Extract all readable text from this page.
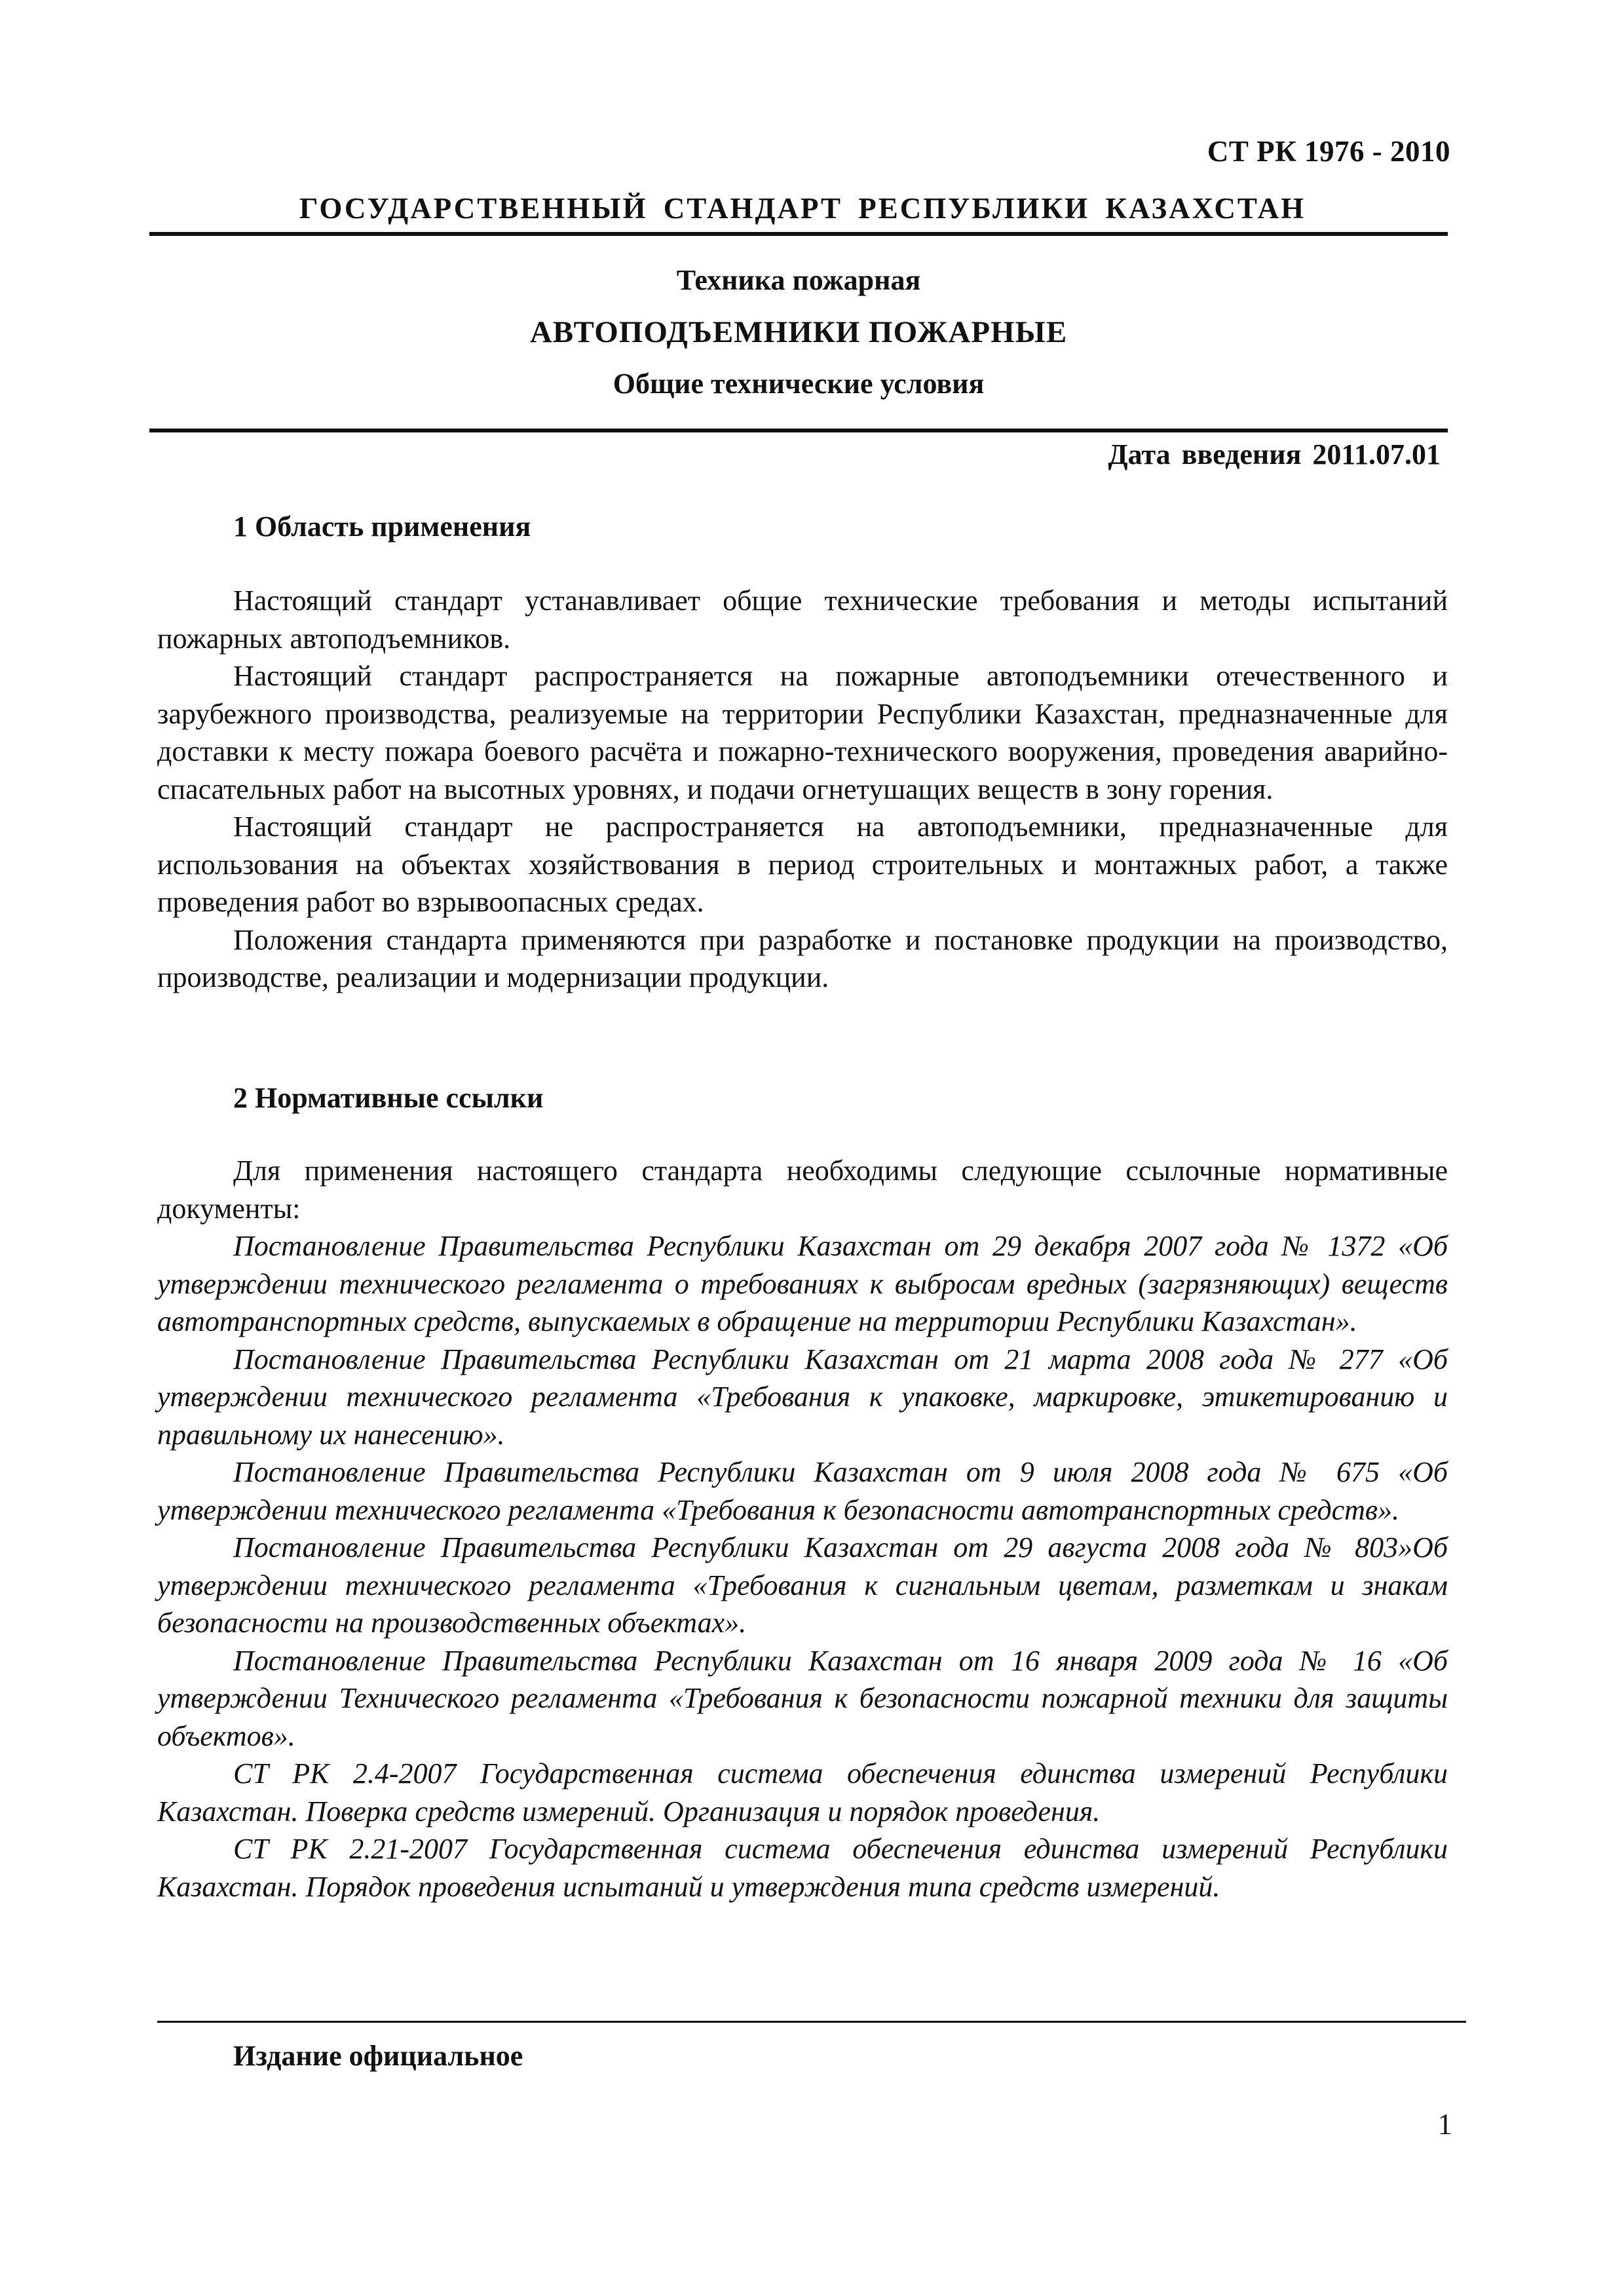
СТ РК 1976 - 2010
ГОСУДАРСТВЕННЫЙ СТАНДАРТ РЕСПУБЛИКИ КАЗАХСТАН
Техника пожарная
АВТОПОДЪЕМНИКИ ПОЖАРНЫЕ
Общие технические условия
Дата введения 2011.07.01
1 Область применения

Настоящий стандарт устанавливает общие технические требования и методы испытаний пожарных автоподъемников.

Настоящий стандарт распространяется на пожарные автоподъемники отечественного и зарубежного производства, реализуемые на территории Республики Казахстан, предназначенные для доставки к месту пожара боевого расчёта и пожарно-технического вооружения, проведения аварийно-спасательных работ на высотных уровнях, и подачи огнетушащих веществ в зону горения.

Настоящий стандарт не распространяется на автоподъемники, предназначенные для использования на объектах хозяйствования в период строительных и монтажных работ, а также проведения работ во взрывоопасных средах.

Положения стандарта применяются при разработке и постановке продукции на производство, производстве, реализации и модернизации продукции.

2 Нормативные ссылки

Для применения настоящего стандарта необходимы следующие ссылочные нормативные документы:

Постановление Правительства Республики Казахстан от 29 декабря 2007 года № 1372 «Об утверждении технического регламента о требованиях к выбросам вредных (загрязняющих) веществ автотранспортных средств, выпускаемых в обращение на территории Республики Казахстан».

Постановление Правительства Республики Казахстан от 21 марта 2008 года № 277 «Об утверждении технического регламента «Требования к упаковке, маркировке, этикетированию и правильному их нанесению».

Постановление Правительства Республики Казахстан от 9 июля 2008 года № 675 «Об утверждении технического регламента «Требования к безопасности автотранспортных средств».

Постановление Правительства Республики Казахстан от 29 августа 2008 года № 803»Об утверждении технического регламента «Требования к сигнальным цветам, разметкам и знакам безопасности на производственных объектах».

Постановление Правительства Республики Казахстан от 16 января 2009 года № 16 «Об утверждении Технического регламента «Требования к безопасности пожарной техники для защиты объектов».

СТ РК 2.4-2007 Государственная система обеспечения единства измерений Республики Казахстан. Поверка средств измерений. Организация и порядок проведения.

СТ РК 2.21-2007 Государственная система обеспечения единства измерений Республики Казахстан. Порядок проведения испытаний и утверждения типа средств измерений.

Издание официальное
1
